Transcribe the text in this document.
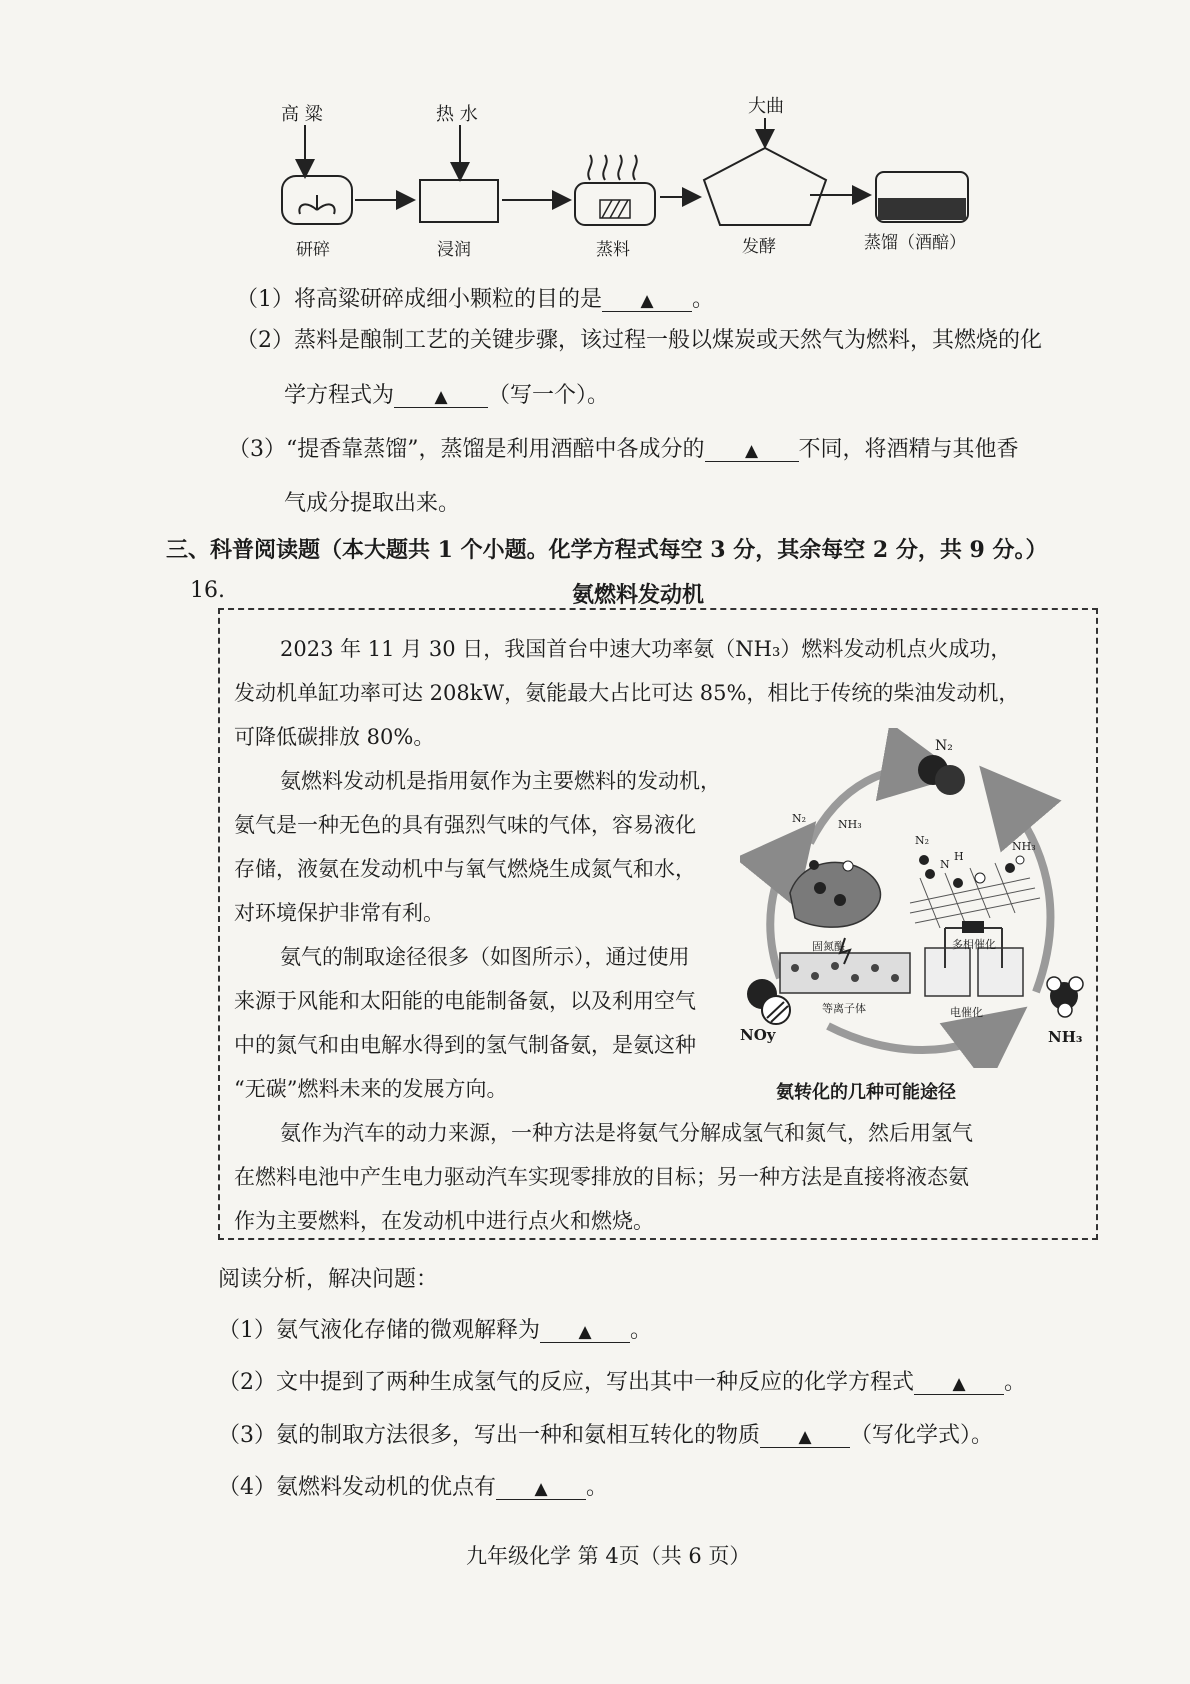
高 粱	热 水	大曲
研碎	浸润	蒸料	发酵	蒸馏（酒醅）
（1）将高粱研碎成细小颗粒的目的是 ▲ 。
（2）蒸料是酿制工艺的关键步骤，该过程一般以煤炭或天然气为燃料，其燃烧的化
学方程式为 ▲ （写一个）。
（3）“提香靠蒸馏”，蒸馏是利用酒醅中各成分的 ▲ 不同，将酒精与其他香
气成分提取出来。
三、科普阅读题（本大题共 1 个小题。化学方程式每空 3 分，其余每空 2 分，共 9 分。）
16.	氨燃料发动机
2023 年 11 月 30 日，我国首台中速大功率氨（NH₃）燃料发动机点火成功，
发动机单缸功率可达 208kW，氨能最大占比可达 85%，相比于传统的柴油发动机，
可降低碳排放 80%。
氨燃料发动机是指用氨作为主要燃料的发动机，
氨气是一种无色的具有强烈气味的气体，容易液化
存储，液氨在发动机中与氧气燃烧生成氮气和水，
对环境保护非常有利。
氨气的制取途径很多（如图所示），通过使用
来源于风能和太阳能的电能制备氨，以及利用空气
中的氮气和由电解水得到的氢气制备氨，是氨这种
“无碳”燃料未来的发展方向。
氨作为汽车的动力来源，一种方法是将氨气分解成氢气和氮气，然后用氢气
在燃料电池中产生电力驱动汽车实现零排放的目标；另一种方法是直接将液态氨
作为主要燃料，在发动机中进行点火和燃烧。
N₂
N₂	NH₃
N₂
N
H
NH₃
固氮酶	多相催化
等离子体	电催化
NOy	NH₃
氨转化的几种可能途径
阅读分析，解决问题：
（1）氨气液化存储的微观解释为 ▲ 。
（2）文中提到了两种生成氢气的反应，写出其中一种反应的化学方程式 ▲ 。
（3）氨的制取方法很多，写出一种和氨相互转化的物质 ▲ （写化学式）。
（4）氨燃料发动机的优点有 ▲ 。
九年级化学 第 4页（共 6 页）
